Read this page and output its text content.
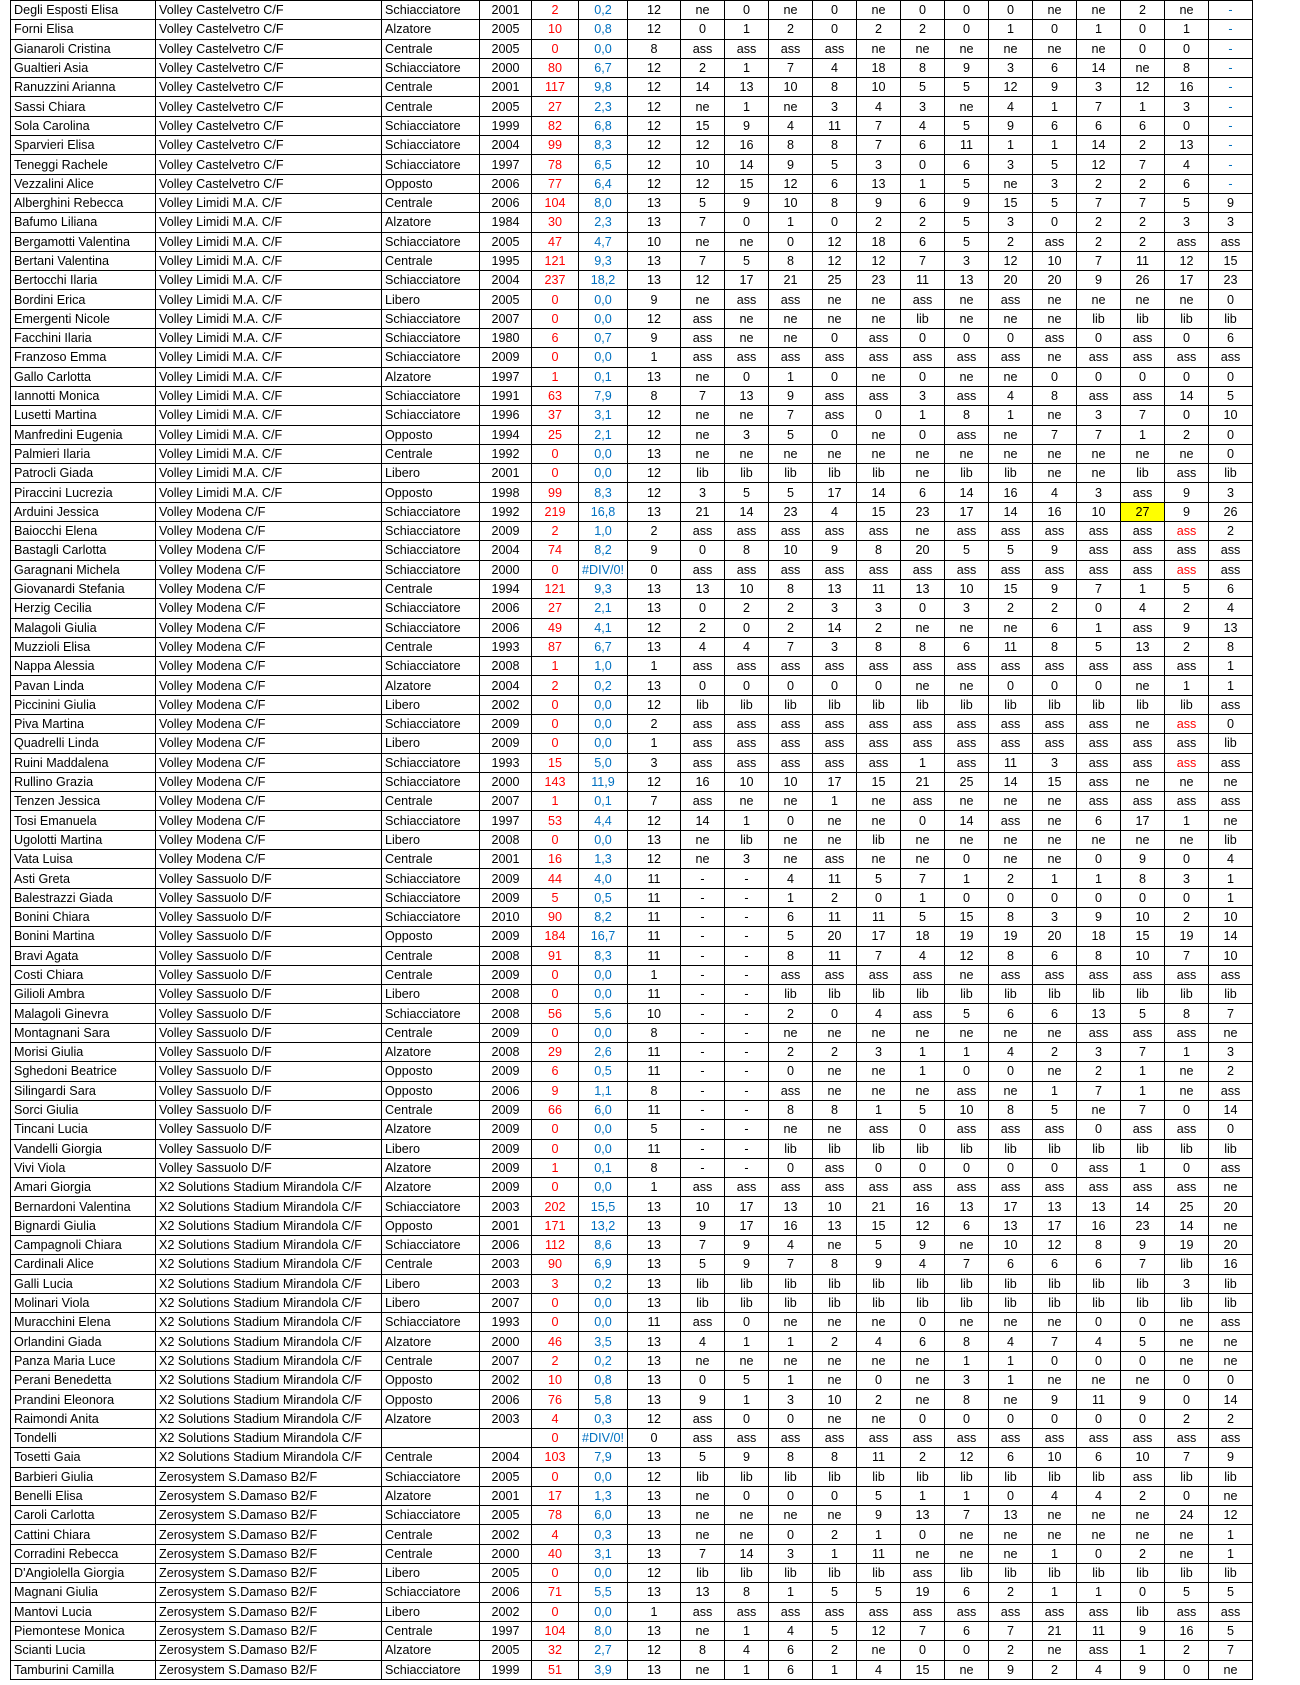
Degli Esposti Elisa	Volley Castelvetro C/F	Schiacciatore	2001	2	0,2	12	ne	0	ne	0	ne	0	0	0	ne	ne	2	ne	-
Forni Elisa	Volley Castelvetro C/F	Alzatore	2005	10	0,8	12	0	1	2	0	2	2	0	1	0	1	0	1	-
Gianaroli Cristina	Volley Castelvetro C/F	Centrale	2005	0	0,0	8	ass	ass	ass	ass	ne	ne	ne	ne	ne	ne	0	0	-
Gualtieri Asia	Volley Castelvetro C/F	Schiacciatore	2000	80	6,7	12	2	1	7	4	18	8	9	3	6	14	ne	8	-
Ranuzzini Arianna	Volley Castelvetro C/F	Centrale	2001	117	9,8	12	14	13	10	8	10	5	5	12	9	3	12	16	-
Sassi Chiara	Volley Castelvetro C/F	Centrale	2005	27	2,3	12	ne	1	ne	3	4	3	ne	4	1	7	1	3	-
Sola Carolina	Volley Castelvetro C/F	Schiacciatore	1999	82	6,8	12	15	9	4	11	7	4	5	9	6	6	6	0	-
Sparvieri Elisa	Volley Castelvetro C/F	Schiacciatore	2004	99	8,3	12	12	16	8	8	7	6	11	1	1	14	2	13	-
Teneggi Rachele	Volley Castelvetro C/F	Schiacciatore	1997	78	6,5	12	10	14	9	5	3	0	6	3	5	12	7	4	-
Vezzalini Alice	Volley Castelvetro C/F	Opposto	2006	77	6,4	12	12	15	12	6	13	1	5	ne	3	2	2	6	-
Alberghini Rebecca	Volley Limidi M.A. C/F	Centrale	2006	104	8,0	13	5	9	10	8	9	6	9	15	5	7	7	5	9
Bafumo Liliana	Volley Limidi M.A. C/F	Alzatore	1984	30	2,3	13	7	0	1	0	2	2	5	3	0	2	2	3	3
Bergamotti Valentina	Volley Limidi M.A. C/F	Schiacciatore	2005	47	4,7	10	ne	ne	0	12	18	6	5	2	ass	2	2	ass	ass
Bertani Valentina	Volley Limidi M.A. C/F	Centrale	1995	121	9,3	13	7	5	8	12	12	7	3	12	10	7	11	12	15
Bertocchi Ilaria	Volley Limidi M.A. C/F	Schiacciatore	2004	237	18,2	13	12	17	21	25	23	11	13	20	20	9	26	17	23
Bordini Erica	Volley Limidi M.A. C/F	Libero	2005	0	0,0	9	ne	ass	ass	ne	ne	ass	ne	ass	ne	ne	ne	ne	0
Emergenti Nicole	Volley Limidi M.A. C/F	Schiacciatore	2007	0	0,0	12	ass	ne	ne	ne	ne	lib	ne	ne	ne	lib	lib	lib	lib
Facchini Ilaria	Volley Limidi M.A. C/F	Schiacciatore	1980	6	0,7	9	ass	ne	ne	0	ass	0	0	0	ass	0	ass	0	6
Franzoso Emma	Volley Limidi M.A. C/F	Schiacciatore	2009	0	0,0	1	ass	ass	ass	ass	ass	ass	ass	ass	ne	ass	ass	ass	ass
Gallo Carlotta	Volley Limidi M.A. C/F	Alzatore	1997	1	0,1	13	ne	0	1	0	ne	0	ne	ne	0	0	0	0	0
Iannotti Monica	Volley Limidi M.A. C/F	Schiacciatore	1991	63	7,9	8	7	13	9	ass	ass	3	ass	4	8	ass	ass	14	5
Lusetti Martina	Volley Limidi M.A. C/F	Schiacciatore	1996	37	3,1	12	ne	ne	7	ass	0	1	8	1	ne	3	7	0	10
Manfredini Eugenia	Volley Limidi M.A. C/F	Opposto	1994	25	2,1	12	ne	3	5	0	ne	0	ass	ne	7	7	1	2	0
Palmieri Ilaria	Volley Limidi M.A. C/F	Centrale	1992	0	0,0	13	ne	ne	ne	ne	ne	ne	ne	ne	ne	ne	ne	ne	0
Patrocli Giada	Volley Limidi M.A. C/F	Libero	2001	0	0,0	12	lib	lib	lib	lib	lib	ne	lib	lib	ne	ne	lib	ass	lib
Piraccini Lucrezia	Volley Limidi M.A. C/F	Opposto	1998	99	8,3	12	3	5	5	17	14	6	14	16	4	3	ass	9	3
Arduini Jessica	Volley Modena C/F	Schiacciatore	1992	219	16,8	13	21	14	23	4	15	23	17	14	16	10	27	9	26
Baiocchi Elena	Volley Modena C/F	Schiacciatore	2009	2	1,0	2	ass	ass	ass	ass	ass	ne	ass	ass	ass	ass	ass	ass	2
Bastagli Carlotta	Volley Modena C/F	Schiacciatore	2004	74	8,2	9	0	8	10	9	8	20	5	5	9	ass	ass	ass	ass
Garagnani Michela	Volley Modena C/F	Schiacciatore	2000	0	#DIV/0!	0	ass	ass	ass	ass	ass	ass	ass	ass	ass	ass	ass	ass	ass
Giovanardi Stefania	Volley Modena C/F	Centrale	1994	121	9,3	13	13	10	8	13	11	13	10	15	9	7	1	5	6
Herzig Cecilia	Volley Modena C/F	Schiacciatore	2006	27	2,1	13	0	2	2	3	3	0	3	2	2	0	4	2	4
Malagoli Giulia	Volley Modena C/F	Schiacciatore	2006	49	4,1	12	2	0	2	14	2	ne	ne	ne	6	1	ass	9	13
Muzzioli Elisa	Volley Modena C/F	Centrale	1993	87	6,7	13	4	4	7	3	8	8	6	11	8	5	13	2	8
Nappa Alessia	Volley Modena C/F	Schiacciatore	2008	1	1,0	1	ass	ass	ass	ass	ass	ass	ass	ass	ass	ass	ass	ass	1
Pavan Linda	Volley Modena C/F	Alzatore	2004	2	0,2	13	0	0	0	0	0	ne	ne	0	0	0	ne	1	1
Piccinini Giulia	Volley Modena C/F	Libero	2002	0	0,0	12	lib	lib	lib	lib	lib	lib	lib	lib	lib	lib	lib	lib	ass
Piva Martina	Volley Modena C/F	Schiacciatore	2009	0	0,0	2	ass	ass	ass	ass	ass	ass	ass	ass	ass	ass	ne	ass	0
Quadrelli Linda	Volley Modena C/F	Libero	2009	0	0,0	1	ass	ass	ass	ass	ass	ass	ass	ass	ass	ass	ass	ass	lib
Ruini Maddalena	Volley Modena C/F	Schiacciatore	1993	15	5,0	3	ass	ass	ass	ass	ass	1	ass	11	3	ass	ass	ass	ass
Rullino Grazia	Volley Modena C/F	Schiacciatore	2000	143	11,9	12	16	10	10	17	15	21	25	14	15	ass	ne	ne	ne
Tenzen Jessica	Volley Modena C/F	Centrale	2007	1	0,1	7	ass	ne	ne	1	ne	ass	ne	ne	ne	ass	ass	ass	ass
Tosi Emanuela	Volley Modena C/F	Schiacciatore	1997	53	4,4	12	14	1	0	ne	ne	0	14	ass	ne	6	17	1	ne
Ugolotti Martina	Volley Modena C/F	Libero	2008	0	0,0	13	ne	lib	ne	ne	lib	ne	ne	ne	ne	ne	ne	ne	lib
Vata Luisa	Volley Modena C/F	Centrale	2001	16	1,3	12	ne	3	ne	ass	ne	ne	0	ne	ne	0	9	0	4
Asti Greta	Volley Sassuolo D/F	Schiacciatore	2009	44	4,0	11	-	-	4	11	5	7	1	2	1	1	8	3	1
Balestrazzi Giada	Volley Sassuolo D/F	Schiacciatore	2009	5	0,5	11	-	-	1	2	0	1	0	0	0	0	0	0	1
Bonini Chiara	Volley Sassuolo D/F	Schiacciatore	2010	90	8,2	11	-	-	6	11	11	5	15	8	3	9	10	2	10
Bonini Martina	Volley Sassuolo D/F	Opposto	2009	184	16,7	11	-	-	5	20	17	18	19	19	20	18	15	19	14
Bravi Agata	Volley Sassuolo D/F	Centrale	2008	91	8,3	11	-	-	8	11	7	4	12	8	6	8	10	7	10
Costi Chiara	Volley Sassuolo D/F	Centrale	2009	0	0,0	1	-	-	ass	ass	ass	ass	ne	ass	ass	ass	ass	ass	ass
Gilioli Ambra	Volley Sassuolo D/F	Libero	2008	0	0,0	11	-	-	lib	lib	lib	lib	lib	lib	lib	lib	lib	lib	lib
Malagoli Ginevra	Volley Sassuolo D/F	Schiacciatore	2008	56	5,6	10	-	-	2	0	4	ass	5	6	6	13	5	8	7
Montagnani Sara	Volley Sassuolo D/F	Centrale	2009	0	0,0	8	-	-	ne	ne	ne	ne	ne	ne	ne	ass	ass	ass	ne
Morisi Giulia	Volley Sassuolo D/F	Alzatore	2008	29	2,6	11	-	-	2	2	3	1	1	4	2	3	7	1	3
Sghedoni Beatrice	Volley Sassuolo D/F	Opposto	2009	6	0,5	11	-	-	0	ne	ne	1	0	0	ne	2	1	ne	2
Silingardi Sara	Volley Sassuolo D/F	Opposto	2006	9	1,1	8	-	-	ass	ne	ne	ne	ass	ne	1	7	1	ne	ass
Sorci Giulia	Volley Sassuolo D/F	Centrale	2009	66	6,0	11	-	-	8	8	1	5	10	8	5	ne	7	0	14
Tincani Lucia	Volley Sassuolo D/F	Alzatore	2009	0	0,0	5	-	-	ne	ne	ass	0	ass	ass	ass	0	ass	ass	0
Vandelli Giorgia	Volley Sassuolo D/F	Libero	2009	0	0,0	11	-	-	lib	lib	lib	lib	lib	lib	lib	lib	lib	lib	lib
Vivi Viola	Volley Sassuolo D/F	Alzatore	2009	1	0,1	8	-	-	0	ass	0	0	0	0	0	ass	1	0	ass
Amari Giorgia	X2 Solutions Stadium Mirandola C/F	Alzatore	2009	0	0,0	1	ass	ass	ass	ass	ass	ass	ass	ass	ass	ass	ass	ass	ne
Bernardoni Valentina	X2 Solutions Stadium Mirandola C/F	Schiacciatore	2003	202	15,5	13	10	17	13	10	21	16	13	17	13	13	14	25	20
Bignardi Giulia	X2 Solutions Stadium Mirandola C/F	Opposto	2001	171	13,2	13	9	17	16	13	15	12	6	13	17	16	23	14	ne
Campagnoli Chiara	X2 Solutions Stadium Mirandola C/F	Schiacciatore	2006	112	8,6	13	7	9	4	ne	5	9	ne	10	12	8	9	19	20
Cardinali Alice	X2 Solutions Stadium Mirandola C/F	Centrale	2003	90	6,9	13	5	9	7	8	9	4	7	6	6	6	7	lib	16
Galli Lucia	X2 Solutions Stadium Mirandola C/F	Libero	2003	3	0,2	13	lib	lib	lib	lib	lib	lib	lib	lib	lib	lib	lib	3	lib
Molinari Viola	X2 Solutions Stadium Mirandola C/F	Libero	2007	0	0,0	13	lib	lib	lib	lib	lib	lib	lib	lib	lib	lib	lib	lib	lib
Muracchini Elena	X2 Solutions Stadium Mirandola C/F	Schiacciatore	1993	0	0,0	11	ass	0	ne	ne	ne	0	ne	ne	ne	0	0	ne	ass
Orlandini Giada	X2 Solutions Stadium Mirandola C/F	Alzatore	2000	46	3,5	13	4	1	1	2	4	6	8	4	7	4	5	ne	ne
Panza Maria Luce	X2 Solutions Stadium Mirandola C/F	Centrale	2007	2	0,2	13	ne	ne	ne	ne	ne	ne	1	1	0	0	0	ne	ne
Perani Benedetta	X2 Solutions Stadium Mirandola C/F	Opposto	2002	10	0,8	13	0	5	1	ne	0	ne	3	1	ne	ne	ne	0	0
Prandini Eleonora	X2 Solutions Stadium Mirandola C/F	Opposto	2006	76	5,8	13	9	1	3	10	2	ne	8	ne	9	11	9	0	14
Raimondi Anita	X2 Solutions Stadium Mirandola C/F	Alzatore	2003	4	0,3	12	ass	0	0	ne	ne	0	0	0	0	0	0	2	2
Tondelli	X2 Solutions Stadium Mirandola C/F			0	#DIV/0!	0	ass	ass	ass	ass	ass	ass	ass	ass	ass	ass	ass	ass	ass
Tosetti Gaia	X2 Solutions Stadium Mirandola C/F	Centrale	2004	103	7,9	13	5	9	8	8	11	2	12	6	10	6	10	7	9
Barbieri Giulia	Zerosystem S.Damaso B2/F	Schiacciatore	2005	0	0,0	12	lib	lib	lib	lib	lib	lib	lib	lib	lib	lib	ass	lib	lib
Benelli Elisa	Zerosystem S.Damaso B2/F	Alzatore	2001	17	1,3	13	ne	0	0	0	5	1	1	0	4	4	2	0	ne
Caroli Carlotta	Zerosystem S.Damaso B2/F	Schiacciatore	2005	78	6,0	13	ne	ne	ne	ne	9	13	7	13	ne	ne	ne	24	12
Cattini Chiara	Zerosystem S.Damaso B2/F	Centrale	2002	4	0,3	13	ne	ne	0	2	1	0	ne	ne	ne	ne	ne	ne	1
Corradini Rebecca	Zerosystem S.Damaso B2/F	Centrale	2000	40	3,1	13	7	14	3	1	11	ne	ne	ne	1	0	2	ne	1
D'Angiolella Giorgia	Zerosystem S.Damaso B2/F	Libero	2005	0	0,0	12	lib	lib	lib	lib	lib	ass	lib	lib	lib	lib	lib	lib	lib
Magnani Giulia	Zerosystem S.Damaso B2/F	Schiacciatore	2006	71	5,5	13	13	8	1	5	5	19	6	2	1	1	0	5	5
Mantovi Lucia	Zerosystem S.Damaso B2/F	Libero	2002	0	0,0	1	ass	ass	ass	ass	ass	ass	ass	ass	ass	ass	lib	ass	ass
Piemontese Monica	Zerosystem S.Damaso B2/F	Centrale	1997	104	8,0	13	ne	1	4	5	12	7	6	7	21	11	9	16	5
Scianti Lucia	Zerosystem S.Damaso B2/F	Alzatore	2005	32	2,7	12	8	4	6	2	ne	0	0	2	ne	ass	1	2	7
Tamburini Camilla	Zerosystem S.Damaso B2/F	Schiacciatore	1999	51	3,9	13	ne	1	6	1	4	15	ne	9	2	4	9	0	ne
